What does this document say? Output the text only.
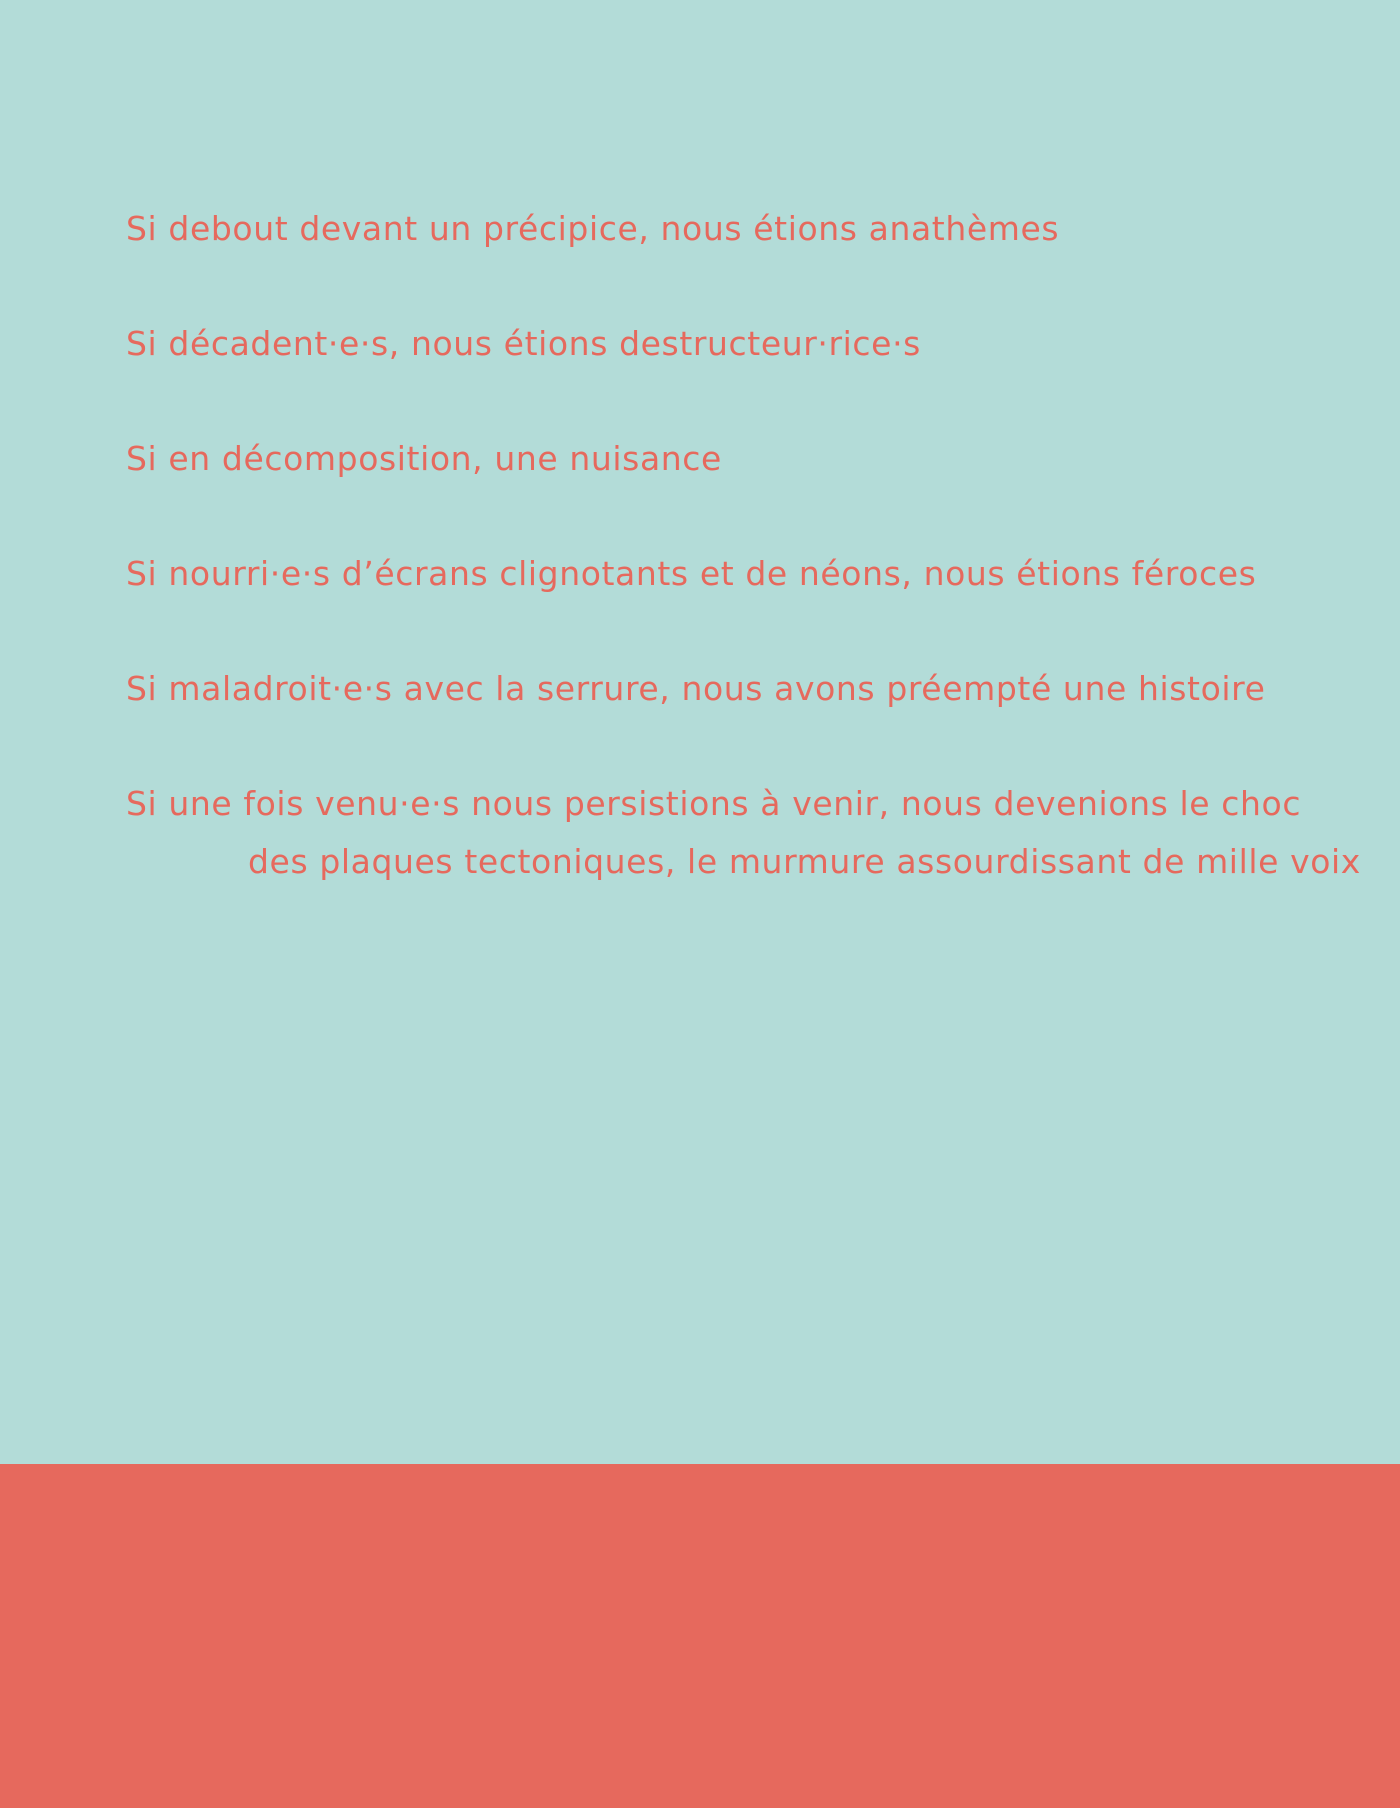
Si debout devant un précipice, nous étions anathèmes
Si décadent·e·s, nous étions destructeur·rice·s
Si en décomposition, une nuisance
Si nourri·e·s d’écrans clignotants et de néons, nous étions féroces
Si maladroit·e·s avec la serrure, nous avons préempté une histoire
Si une fois venu·e·s nous persistions à venir, nous devenions le choc
des plaques tectoniques, le murmure assourdissant de mille voix
